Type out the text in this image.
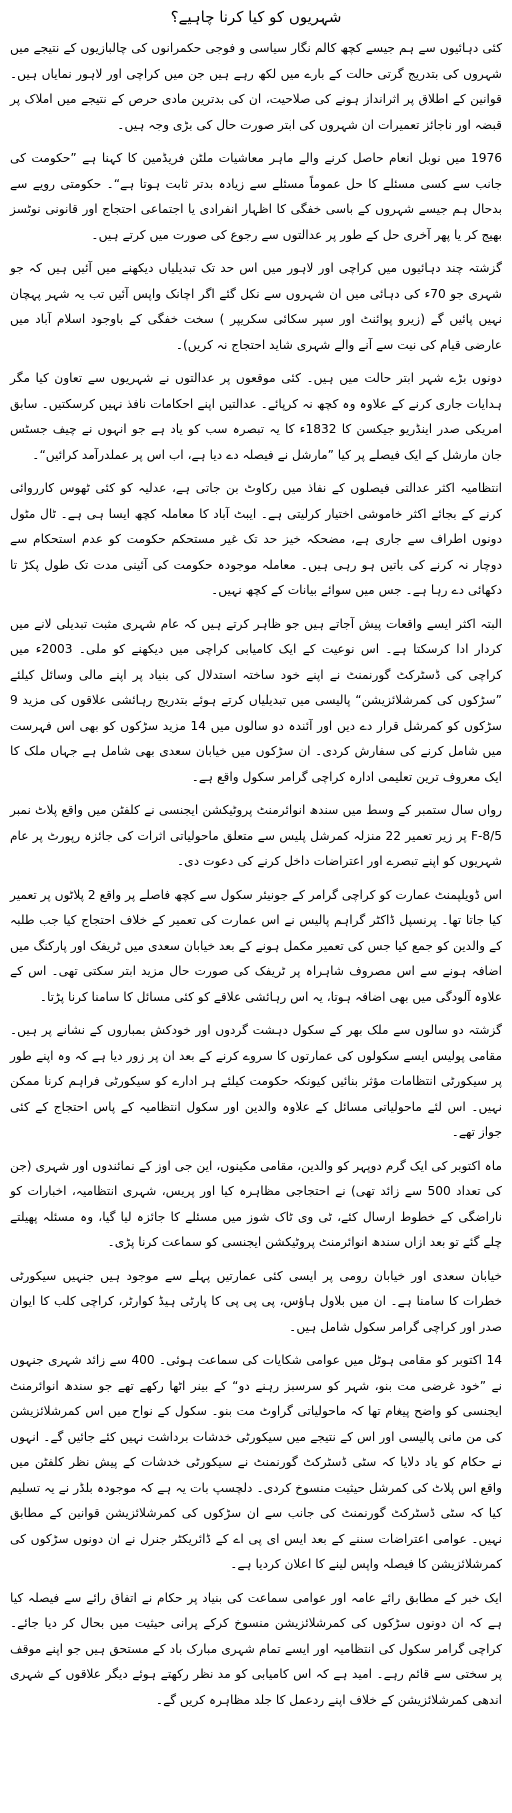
شہریوں کو کیا کرنا چاہیے؟

کئی دہائیوں سے ہم جیسے کچھ کالم نگار سیاسی و فوجی حکمرانوں کی چالبازیوں کے نتیجے میں شہروں کی بتدریج گرتی حالت کے بارے میں لکھ رہے ہیں جن میں کراچی اور لاہور نمایاں ہیں۔ قوانین کے اطلاق پر اثرانداز ہونے کی صلاحیت، ان کی بدترین مادی حرص کے نتیجے میں املاک پر قبضہ اور ناجائز تعمیرات ان شہروں کی ابتر صورت حال کی بڑی وجہ ہیں۔

1976 میں نوبل انعام حاصل کرنے والے ماہر معاشیات ملٹن فریڈمین کا کہنا ہے ”حکومت کی جانب سے کسی مسئلے کا حل عموماً مسئلے سے زیادہ بدتر ثابت ہوتا ہے“۔ حکومتی رویے سے بدحال ہم جیسے شہروں کے باسی خفگی کا اظہار انفرادی یا اجتماعی احتجاج اور قانونی نوٹسز بھیج کر یا پھر آخری حل کے طور پر عدالتوں سے رجوع کی صورت میں کرتے ہیں۔

گزشتہ چند دہائیوں میں کراچی اور لاہور میں اس حد تک تبدیلیاں دیکھنے میں آئیں ہیں کہ جو شہری جو 70ء کی دہائی میں ان شہروں سے نکل گئے اگر اچانک واپس آئیں تب یہ شہر پہچان نہیں پائیں گے (زیرو پوائنٹ اور سپر سکائی سکریپر ) سخت خفگی کے باوجود اسلام آباد میں عارضی قیام کی نیت سے آنے والے شہری شاید احتجاج نہ کریں)۔

دونوں بڑے شہر ابتر حالت میں ہیں۔ کئی موقعوں پر عدالتوں نے شہریوں سے تعاون کیا مگر ہدایات جاری کرنے کے علاوہ وہ کچھ نہ کرپائے۔ عدالتیں اپنے احکامات نافذ نہیں کرسکتیں۔ سابق امریکی صدر اینڈریو جیکسن کا 1832ء کا یہ تبصرہ سب کو یاد ہے جو انہوں نے چیف جسٹس جان مارشل کے ایک فیصلے پر کیا ”مارشل نے فیصلہ دے دیا ہے، اب اس پر عملدرآمد کرائیں“۔

انتظامیہ اکثر عدالتی فیصلوں کے نفاذ میں رکاوٹ بن جاتی ہے، عدلیہ کو کئی ٹھوس کارروائی کرنے کے بجائے اکثر خاموشی اختیار کرلیتی ہے۔ ایبٹ آباد کا معاملہ کچھ ایسا ہی ہے۔ ٹال مٹول دونوں اطراف سے جاری ہے، مضحکہ خیز حد تک غیر مستحکم حکومت کو عدم استحکام سے دوچار نہ کرنے کی باتیں ہو رہی ہیں۔ معاملہ موجودہ حکومت کی آئینی مدت تک طول پکڑ تا دکھائی دے رہا ہے۔ جس میں سوائے بیانات کے کچھ نہیں۔

البتہ اکثر ایسے واقعات پیش آجاتے ہیں جو ظاہر کرتے ہیں کہ عام شہری مثبت تبدیلی لانے میں کردار ادا کرسکتا ہے۔ اس نوعیت کے ایک کامیابی کراچی میں دیکھنے کو ملی۔ 2003ء میں کراچی کی ڈسٹرکٹ گورنمنٹ نے اپنے خود ساختہ استدلال کی بنیاد پر اپنے مالی وسائل کیلئے ”سڑکوں کی کمرشلائزیشن“ پالیسی میں تبدیلیاں کرتے ہوئے بتدریج رہائشی علاقوں کی مزید 9 سڑکوں کو کمرشل قرار دے دیں اور آئندہ دو سالوں میں 14 مزید سڑکوں کو بھی اس فہرست میں شامل کرنے کی سفارش کردی۔ ان سڑکوں میں خیابان سعدی بھی شامل ہے جہاں ملک کا ایک معروف ترین تعلیمی ادارہ کراچی گرامر سکول واقع ہے۔

رواں سال ستمبر کے وسط میں سندھ انوائرمنٹ پروٹیکشن ایجنسی نے کلفٹن میں واقع پلاٹ نمبر F-8/5 پر زیر تعمیر 22 منزلہ کمرشل پلیس سے متعلق ماحولیاتی اثرات کی جائزہ رپورٹ پر عام شہریوں کو اپنے تبصرے اور اعتراضات داخل کرنے کی دعوت دی۔

اس ڈویلپمنٹ عمارت کو کراچی گرامر کے جونیئر سکول سے کچھ فاصلے پر واقع 2 پلاٹوں پر تعمیر کیا جاتا تھا۔ پرنسپل ڈاکٹر گراہم پالیس نے اس عمارت کی تعمیر کے خلاف احتجاج کیا جب طلبہ کے والدین کو جمع کیا جس کی تعمیر مکمل ہونے کے بعد خیابان سعدی میں ٹریفک اور پارکنگ میں اضافہ ہونے سے اس مصروف شاہراہ پر ٹریفک کی صورت حال مزید ابتر سکتی تھی۔ اس کے علاوہ آلودگی میں بھی اضافہ ہوتا، یہ اس رہائشی علاقے کو کئی مسائل کا سامنا کرنا پڑتا۔

گزشتہ دو سالوں سے ملک بھر کے سکول دہشت گردوں اور خودکش بمباروں کے نشانے پر ہیں۔ مقامی پولیس ایسے سکولوں کی عمارتوں کا سروے کرنے کے بعد ان پر زور دیا ہے کہ وہ اپنے طور پر سیکورٹی انتظامات مؤثر بنائیں کیونکہ حکومت کیلئے ہر ادارے کو سیکورٹی فراہم کرنا ممکن نہیں۔ اس لئے ماحولیاتی مسائل کے علاوہ والدین اور سکول انتظامیہ کے پاس احتجاج کے کئی جواز تھے۔

ماہ اکتوبر کی ایک گرم دوپہر کو والدین، مقامی مکینوں، این جی اوز کے نمائندوں اور شہری (جن کی تعداد 500 سے زائد تھی) نے احتجاجی مظاہرہ کیا اور پریس، شہری انتظامیہ، اخبارات کو ناراضگی کے خطوط ارسال کئے، ٹی وی ٹاک شوز میں مسئلے کا جائزہ لیا گیا، وہ مسئلہ پھیلتے چلے گئے تو بعد ازاں سندھ انوائرمنٹ پروٹیکشن ایجنسی کو سماعت کرنا پڑی۔

خیابان سعدی اور خیابان رومی پر ایسی کئی عمارتیں پہلے سے موجود ہیں جنہیں سیکورٹی خطرات کا سامنا ہے۔ ان میں بلاول ہاؤس، پی پی پی کا پارٹی ہیڈ کوارٹر، کراچی کلب کا ایوان صدر اور کراچی گرامر سکول شامل ہیں۔

14 اکتوبر کو مقامی ہوٹل میں عوامی شکایات کی سماعت ہوئی۔ 400 سے زائد شہری جنہوں نے ”خود غرضی مت بنو، شہر کو سرسبز رہنے دو“ کے بینر اٹھا رکھے تھے جو سندھ انوائرمنٹ ایجنسی کو واضح پیغام تھا کہ ماحولیاتی گراوٹ مت بنو۔ سکول کے نواح میں اس کمرشلائزیشن کی من مانی پالیسی اور اس کے نتیجے میں سیکورٹی خدشات برداشت نہیں کئے جائیں گے۔ انہوں نے حکام کو یاد دلایا کہ سٹی ڈسٹرکٹ گورنمنٹ نے سیکورٹی خدشات کے پیش نظر کلفٹن میں واقع اس پلاٹ کی کمرشل حیثیت منسوخ کردی۔ دلچسپ بات یہ ہے کہ موجودہ بلڈر نے یہ تسلیم کیا کہ سٹی ڈسٹرکٹ گورنمنٹ کی جانب سے ان سڑکوں کی کمرشلائزیشن قوانین کے مطابق نہیں۔ عوامی اعتراضات سننے کے بعد ایس ای پی اے کے ڈائریکٹر جنرل نے ان دونوں سڑکوں کی کمرشلائزیشن کا فیصلہ واپس لینے کا اعلان کردیا ہے۔

ایک خبر کے مطابق رائے عامہ اور عوامی سماعت کی بنیاد پر حکام نے اتفاق رائے سے فیصلہ کیا ہے کہ ان دونوں سڑکوں کی کمرشلائزیشن منسوخ کرکے پرانی حیثیت میں بحال کر دیا جائے۔ کراچی گرامر سکول کی انتظامیہ اور ایسے تمام شہری مبارک باد کے مستحق ہیں جو اپنے موقف پر سختی سے قائم رہے۔ امید ہے کہ اس کامیابی کو مد نظر رکھتے ہوئے دیگر علاقوں کے شہری اندھی کمرشلائزیشن کے خلاف اپنے ردعمل کا جلد مظاہرہ کریں گے۔
